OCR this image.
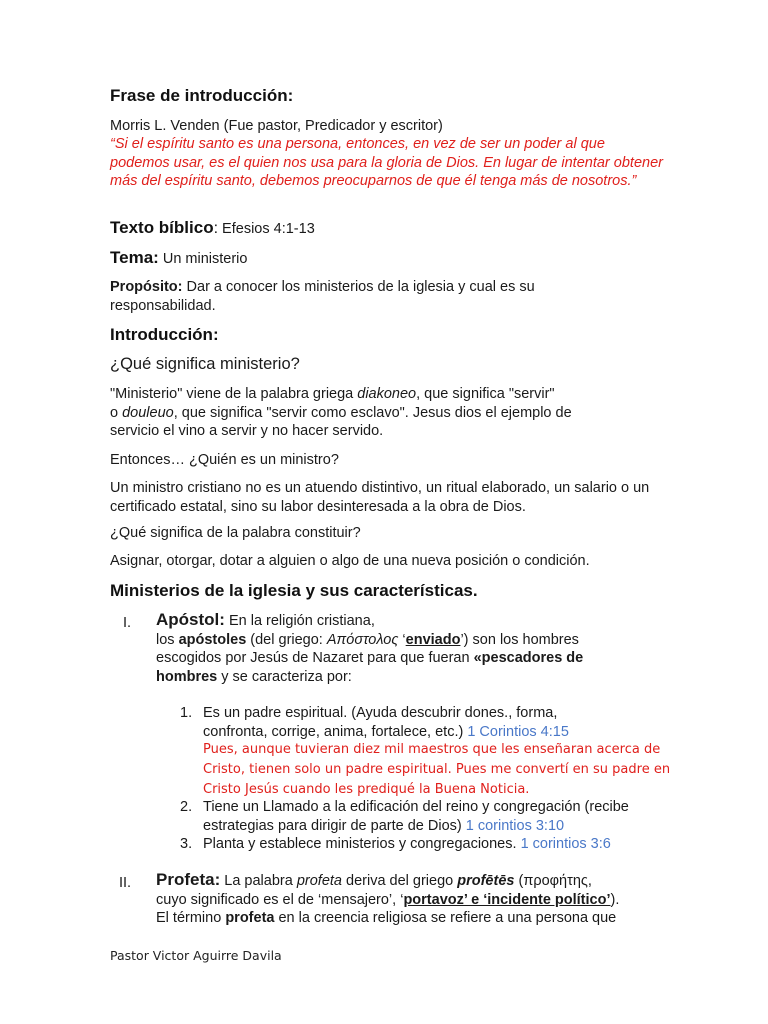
Frase de introducción:
Morris L. Venden (Fue pastor, Predicador y escritor)
“Si el espíritu santo es una persona, entonces, en vez de ser un poder al que podemos usar, es el quien nos usa para la gloria de Dios. En lugar de intentar obtener más del espíritu santo, debemos preocuparnos de que él tenga más de nosotros.”
Texto bíblico: Efesios 4:1-13
Tema: Un ministerio
Propósito: Dar a conocer los ministerios de la iglesia y cual es su responsabilidad.
Introducción:
¿Qué significa ministerio?
"Ministerio" viene de la palabra griega diakoneo, que significa "servir"
o douleuo, que significa "servir como esclavo". Jesus dios el ejemplo de servicio el vino a servir y no hacer servido.
Entonces… ¿Quién es un ministro?
Un ministro cristiano no es un atuendo distintivo, un ritual elaborado, un salario o un certificado estatal, sino su labor desinteresada a la obra de Dios.
¿Qué significa de la palabra constituir?
Asignar, otorgar, dotar a alguien o algo de una nueva posición o condición.
Ministerios de la iglesia y sus características.
I. Apóstol: En la religión cristiana,
los apóstoles (del griego: Απόστολος ‘enviado’) son los hombres
escogidos por Jesús de Nazaret para que fueran «pescadores de
hombres y se caracteriza por:
1. Es un padre espiritual. (Ayuda descubrir dones., forma, confronta, corrige, anima, fortalece, etc.) 1 Corintios 4:15
Pues, aunque tuvieran diez mil maestros que les enseñaran acerca de Cristo, tienen solo un padre espiritual. Pues me convertí en su padre en Cristo Jesús cuando les prediqué la Buena Noticia.
2. Tiene un Llamado a la edificación del reino y congregación (recibe estrategias para dirigir de parte de Dios) 1 corintios 3:10
3. Planta y establece ministerios y congregaciones. 1 corintios 3:6
II. Profeta: La palabra profeta deriva del griego profētēs (προφήτης,
cuyo significado es el de ‘mensajero’, ‘portavoz’ e ‘incidente político’).
El término profeta en la creencia religiosa se refiere a una persona que
Pastor Victor Aguirre Davila
